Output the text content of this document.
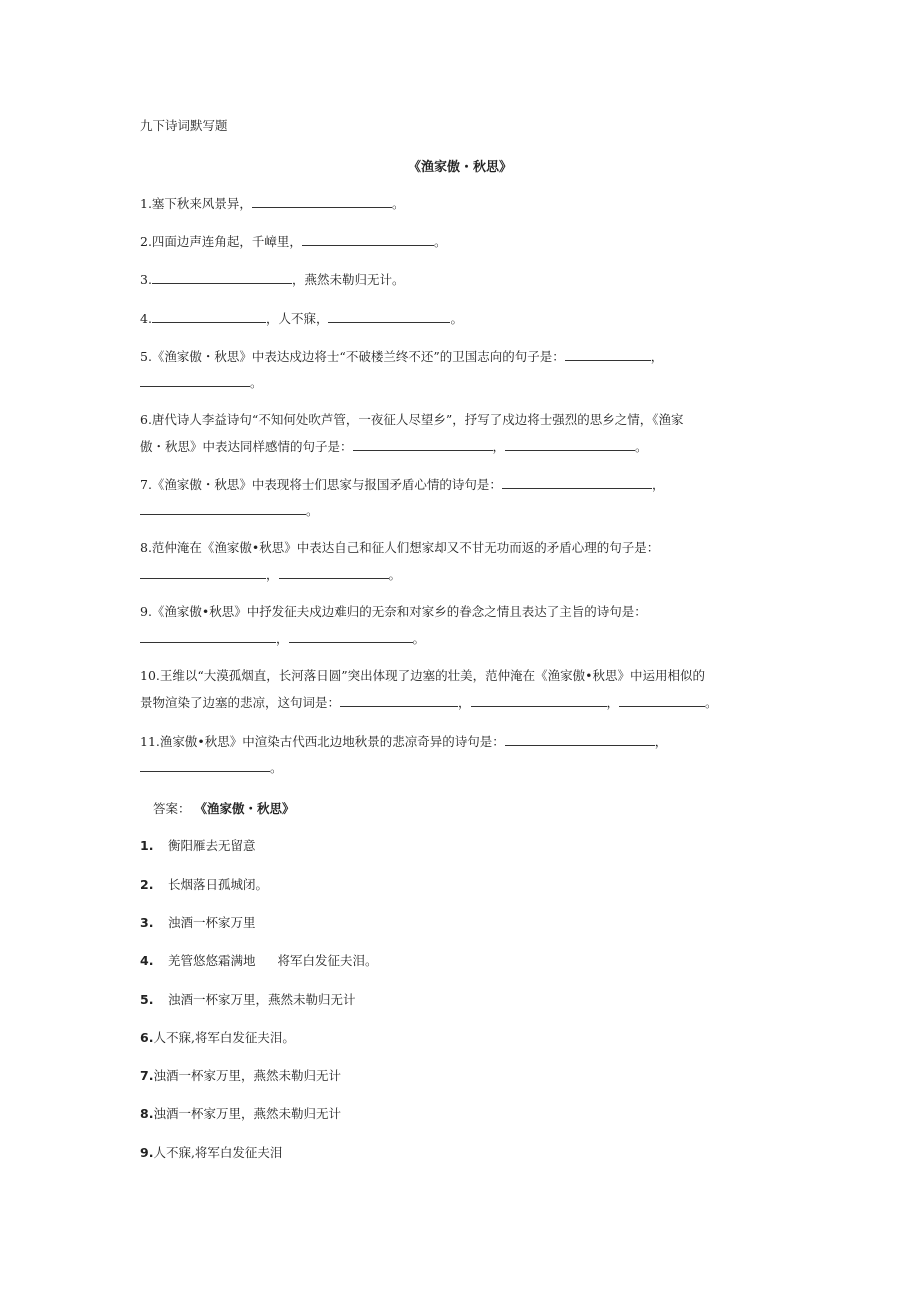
九下诗词默写题
《渔家傲・秋思》
1.塞下秋来风景异，	。
2.四面边声连角起，千嶂里，	。
3.	，燕然未勒归无计。
4.	，人不寐，	。
5.《渔家傲・秋思》中表达戍边将士“不破楼兰终不还”的卫国志向的句子是：	，
。
6.唐代诗人李益诗句“不知何处吹芦管，一夜征人尽望乡”，抒写了戍边将士强烈的思乡之情，《渔家
傲・秋思》中表达同样感情的句子是：	，	。
7.《渔家傲・秋思》中表现将士们思家与报国矛盾心情的诗句是：	，
。
8.范仲淹在《渔家傲•秋思》中表达自己和征人们想家却又不甘无功而返的矛盾心理的句子是：
，	。
9.《渔家傲•秋思》中抒发征夫戍边难归的无奈和对家乡的眷念之情且表达了主旨的诗句是：
，	。
10.王维以“大漠孤烟直，长河落日圆”突出体现了边塞的壮美，范仲淹在《渔家傲•秋思》中运用相似的
景物渲染了边塞的悲凉，这句词是：	，	，	。
11.渔家傲•秋思》中渲染古代西北边地秋景的悲凉奇异的诗句是：	，
。
答案： 《渔家傲・秋思》
1. 衡阳雁去无留意
2. 长烟落日孤城闭。
3. 浊酒一杯家万里
4. 羌管悠悠霜满地 将军白发征夫泪。
5. 浊酒一杯家万里，燕然未勒归无计
6.人不寐,将军白发征夫泪。
7.浊酒一杯家万里，燕然未勒归无计
8.浊酒一杯家万里，燕然未勒归无计
9.人不寐,将军白发征夫泪
